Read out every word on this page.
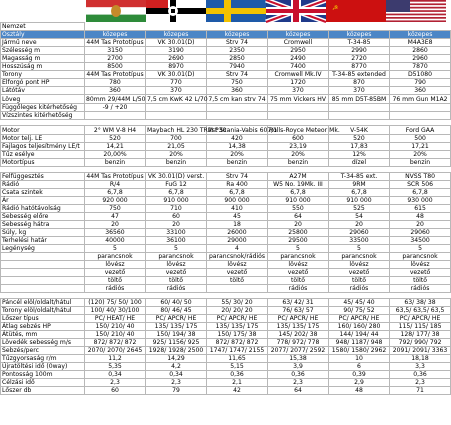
☭
Nemzet						
Osztály	közepes	közepes	közepes	közepes	közepes	közepes
Jármű neve	44M Tas Prototípus	VK 30.01(D)	Strv 74	Cromwell	T-34-85	M4A3E8
Szélesség m	3150	3190	2350	2950	2990	2860
Magasság m	2700	2690	2850	2490	2720	2960
Hosszúság m	8500	8970	7940	7400	8770	7870
Torony	44M Tas Prototípus	VK 30.01(D)	Strv 74	Cromwell Mk.IV	T-34-85 extended	D51080
Elforgó pont HP	780	770	750	1720	870	790
Látótáv	360	370	360	370	370	360
Löveg	80mm 29/44M L/50	7,5 cm KwK 42 L/70	7,5 cm kan strv 74	75 mm Vickers HV	85 mm D5T-85BM	76 mm Gun M1A2
Függőleges kitérhetőség	-9 / +20					
Vízszintes kitérhetőség						

Motor	2° WM V-8 H4	Maybach HL 230 TRM P30	2st Scania-Vabis 607/1	Rolls-Royce Meteor Mk.	V-54K	Ford GAA
Motor telj. LE	520	700	420	600	520	500
Fajlagos teljesítmény LE/t	14,21	21,05	14,38	23,19	17,83	17,21
Tűz esélye	20,00%	20%	20%	20%	12%	20%
Motortípus	benzin	benzin	benzin	benzin	dízel	benzin

Felfüggesztés	44M Tas Prototípus	VK 30.01(D) verst.	Strv 74	A27M	T-34-85 ext.	NVSS T80
Rádió	R/4	FuG 12	Ra 400	W5 No. 19Mk. III	9RM	SCR 506
Csata szintek	6,7,8	6,7,8	6,7,8	6,7,8	6,7,8	6,7,8
Ár	920 000	910 000	900 000	910 000	910 000	930 000
Rádió hatótávolság	750	710	410	550	525	615
Sebesség előre	47	60	45	64	54	48
Sebesség hátra	20	20	18	20	20	20
Súly, kg	36560	33100	26000	25800	29060	29060
Terhelési határ	40000	36100	29000	29500	33500	34500
Legénység	5	5	4	5	5	5
	parancsnok	parancsnok	parancsnok/rádiós	parancsnok	parancsnok	parancsnok
	lövész	lövész	lövész	lövész	lövész	lövész
	vezető	vezető	vezető	vezető	vezető	vezető
	töltő	töltő	töltő	töltő	töltő	töltő
	rádiós	rádiós		rádiós	rádiós	rádiós

Páncél elöl/oldalt/hátul	(120) 75/ 50/ 100	60/ 40/ 50	55/ 30/ 20	63/ 42/ 31	45/ 45/ 40	63/ 38/ 38
Torony elöl/oldalt/hátul	100/ 40/ 30/100	80/ 46/ 45	20/ 20/ 20	76/ 63/ 57	90/ 75/ 52	63,5/ 63,5/ 63,5
Lőszer típus	PC/ HEAT/ HE	PC/ APCR/ HE	PC/ APCR/ HE	PC/ APCR/ HE	PC/ APCR/ HE	PC/ APCR/ HE
Átlag sebzés HP	150/ 210/ 40	135/ 135/ 175	135/ 135/ 175	135/ 135/ 175	160/ 160/ 280	115/ 115/ 185
Átütés, mm	150/ 210/ 40	150/ 194/ 38	150/ 175/ 38	145/ 202/ 38	144/ 194/ 44	128/ 177/ 38
Lövedék sebesség m/s	872/ 872/ 872	925/ 1156/ 925	872/ 872/ 872	778/ 972/ 778	948/ 1187/ 948	792/ 990/ 792
Sebzés/perc	2070/ 2070/ 2645	1928/ 1928/ 2500	1747/ 1747/ 2155	2077/ 2077/ 2592	1580/ 1580/ 2962	2091/ 2091/ 3363
Tűzgyorsaság r/m	11,2	14,29	11,65	15,38	10	18,18
Újratöltési idő (0way)	5,35	4,2	5,15	3,9	6	3,3
Pontosság 100m	0,34	0,34	0,36	0,36	0,39	0,36
Célzási idő	2,3	2,3	2,1	2,3	2,9	2,3
Lőszer db	60	79	42	64	48	71
